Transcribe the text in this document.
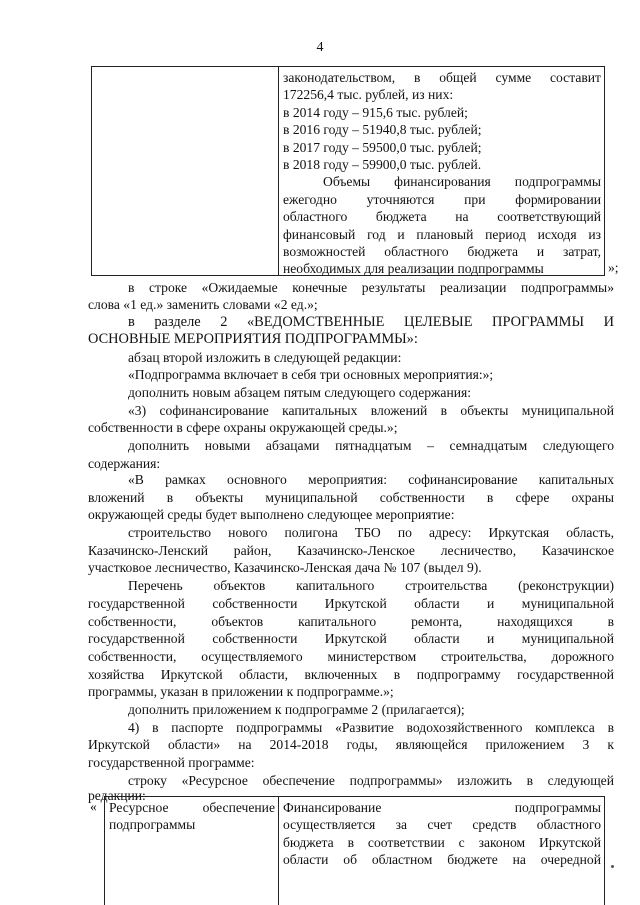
4
законодательством, в общей сумме составит
172256,4 тыс. рублей, из них:
в 2014 году – 915,6 тыс. рублей;
в 2016 году – 51940,8 тыс. рублей;
в 2017 году – 59500,0 тыс. рублей;
в 2018 году – 59900,0 тыс. рублей.
Объемы финансирования подпрограммы
ежегодно уточняются при формировании
областного бюджета на соответствующий
финансовый год и плановый период исходя из
возможностей областного бюджета и затрат,
необходимых для реализации подпрограммы	»;
в строке «Ожидаемые конечные результаты реализации подпрограммы»
слова «1 ед.» заменить словами «2 ед.»;
в разделе 2 «ВЕДОМСТВЕННЫЕ ЦЕЛЕВЫЕ ПРОГРАММЫ И
ОСНОВНЫЕ МЕРОПРИЯТИЯ ПОДПРОГРАММЫ»:
абзац второй изложить в следующей редакции:
«Подпрограмма включает в себя три основных мероприятия:»;
дополнить новым абзацем пятым следующего содержания:
«3) софинансирование капитальных вложений в объекты муниципальной
собственности в сфере охраны окружающей среды.»;
дополнить новыми абзацами пятнадцатым – семнадцатым следующего
содержания:
«В рамках основного мероприятия: софинансирование капитальных
вложений в объекты муниципальной собственности в сфере охраны
окружающей среды будет выполнено следующее мероприятие:
строительство нового полигона ТБО по адресу: Иркутская область,
Казачинско-Ленский район, Казачинско-Ленское лесничество, Казачинское
участковое лесничество, Казачинско-Ленская дача № 107 (выдел 9).
Перечень объектов капитального строительства (реконструкции)
государственной собственности Иркутской области и муниципальной
собственности, объектов капитального ремонта, находящихся в
государственной собственности Иркутской области и муниципальной
собственности, осуществляемого министерством строительства, дорожного
хозяйства Иркутской области, включенных в подпрограмму государственной
программы, указан в приложении к подпрограмме.»;
дополнить приложением к подпрограмме 2 (прилагается);
4) в паспорте подпрограммы «Развитие водохозяйственного комплекса в
Иркутской области» на 2014-2018 годы, являющейся приложением 3 к
государственной программе:
строку «Ресурсное обеспечение подпрограммы» изложить в следующей
редакции:
« Ресурсное обеспечение
подпрограммы
Финансирование подпрограммы
осуществляется за счет средств областного
бюджета в соответствии с законом Иркутской
области об областном бюджете на очередной
